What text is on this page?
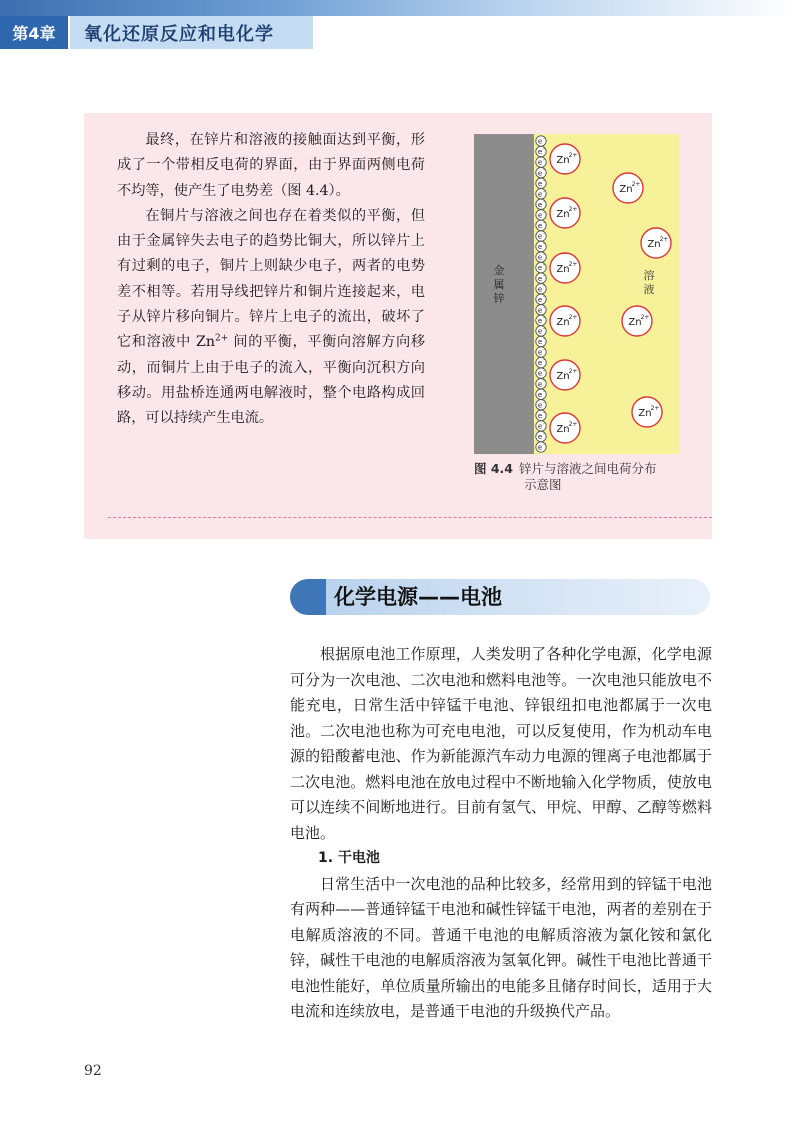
第4章	氧化还原反应和电化学

最终，在锌片和溶液的接触面达到平衡，形成了一个带相反电荷的界面，由于界面两侧电荷不均等，使产生了电势差（图 4.4）。

在铜片与溶液之间也存在着类似的平衡，但由于金属锌失去电子的趋势比铜大，所以锌片上有过剩的电子，铜片上则缺少电子，两者的电势差不相等。若用导线把锌片和铜片连接起来，电子从锌片移向铜片。锌片上电子的流出，破坏了它和溶液中 $Zn^{2+}$ 间的平衡，平衡向溶解方向移动，而铜片上由于电子的流入，平衡向沉积方向移动。用盐桥连通两电解液时，整个电路构成回路，可以持续产生电流。

金
属
锌
溶
液
e -
e -
e -
e -
e -
e -
e -
e -
e -
e -
e -
e -
e -
e -
e -
e -
e -
e -
e -
e -
e -
e -
e -
e -
e -
e -
e -
e -
e -
e -
Zn
2+
Zn
2+
Zn
2+
Zn
2+
Zn
2+
Zn
2+
Zn
2+
Zn
2+
Zn
2+
Zn
2+
图 4.4 锌片与溶液之间电荷分布
示意图
化学电源——电池

根据原电池工作原理，人类发明了各种化学电源，化学电源可分为一次电池、二次电池和燃料电池等。一次电池只能放电不能充电，日常生活中锌锰干电池、锌银纽扣电池都属于一次电池。二次电池也称为可充电电池，可以反复使用，作为机动车电源的铅酸蓄电池、作为新能源汽车动力电源的锂离子电池都属于二次电池。燃料电池在放电过程中不断地输入化学物质，使放电可以连续不间断地进行。目前有氢气、甲烷、甲醇、乙醇等燃料电池。

1. 干电池

日常生活中一次电池的品种比较多，经常用到的锌锰干电池有两种——普通锌锰干电池和碱性锌锰干电池，两者的差别在于电解质溶液的不同。普通干电池的电解质溶液为氯化铵和氯化锌，碱性干电池的电解质溶液为氢氧化钾。碱性干电池比普通干电池性能好，单位质量所输出的电能多且储存时间长，适用于大电流和连续放电，是普通干电池的升级换代产品。

92
